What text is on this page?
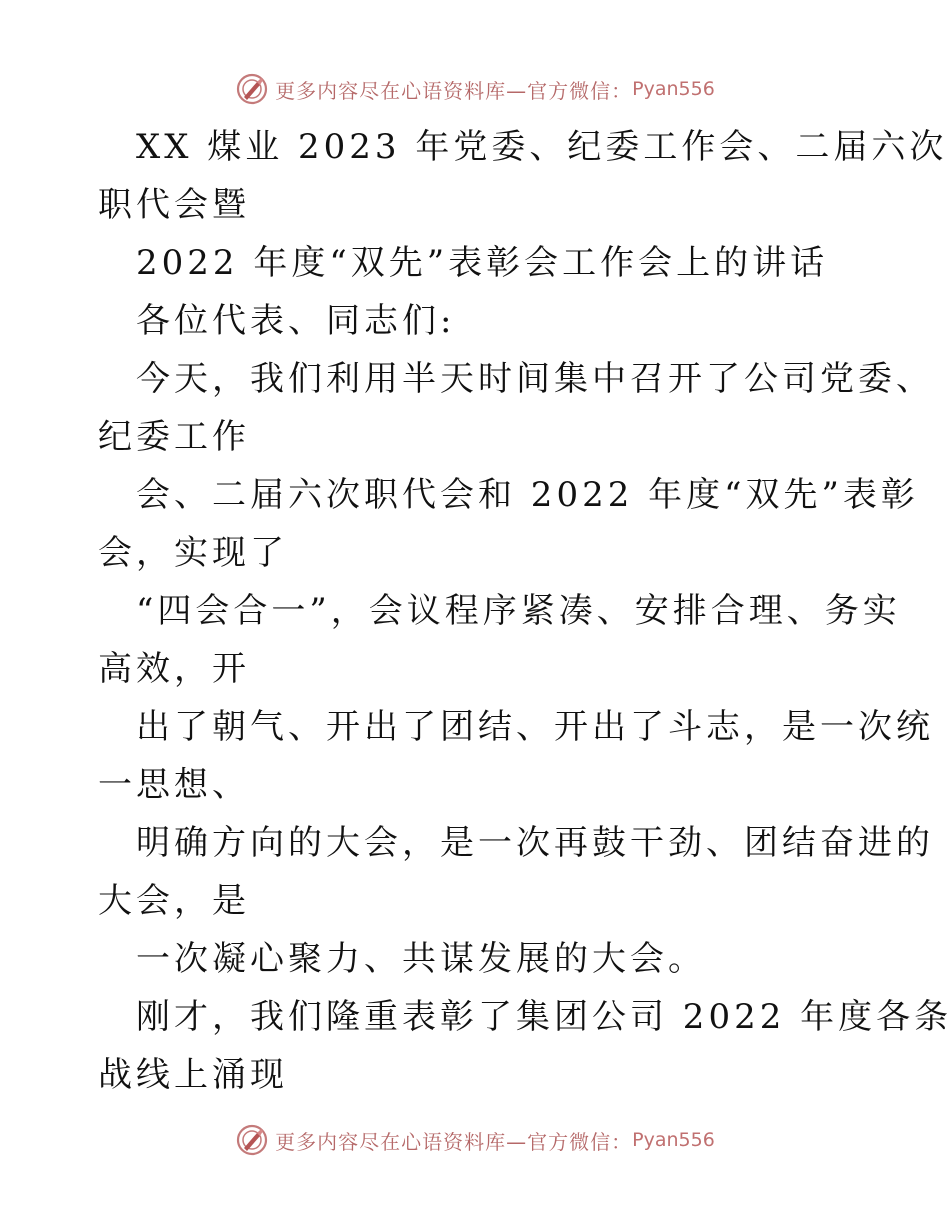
更多内容尽在心语资料库—官方微信： Pyan556
XX 煤业 2023 年党委、纪委工作会、二届六次
职代会暨
2022 年度“双先”表彰会工作会上的讲话
各位代表、同志们:
今天，我们利用半天时间集中召开了公司党委、
纪委工作
会、二届六次职代会和 2022 年度“双先”表彰
会，实现了
“四会合一”，会议程序紧凑、安排合理、务实
高效，开
出了朝气、开出了团结、开出了斗志，是一次统
一思想、
明确方向的大会，是一次再鼓干劲、团结奋进的
大会，是
一次凝心聚力、共谋发展的大会。
刚才，我们隆重表彰了集团公司 2022 年度各条
战线上涌现
更多内容尽在心语资料库—官方微信： Pyan556
